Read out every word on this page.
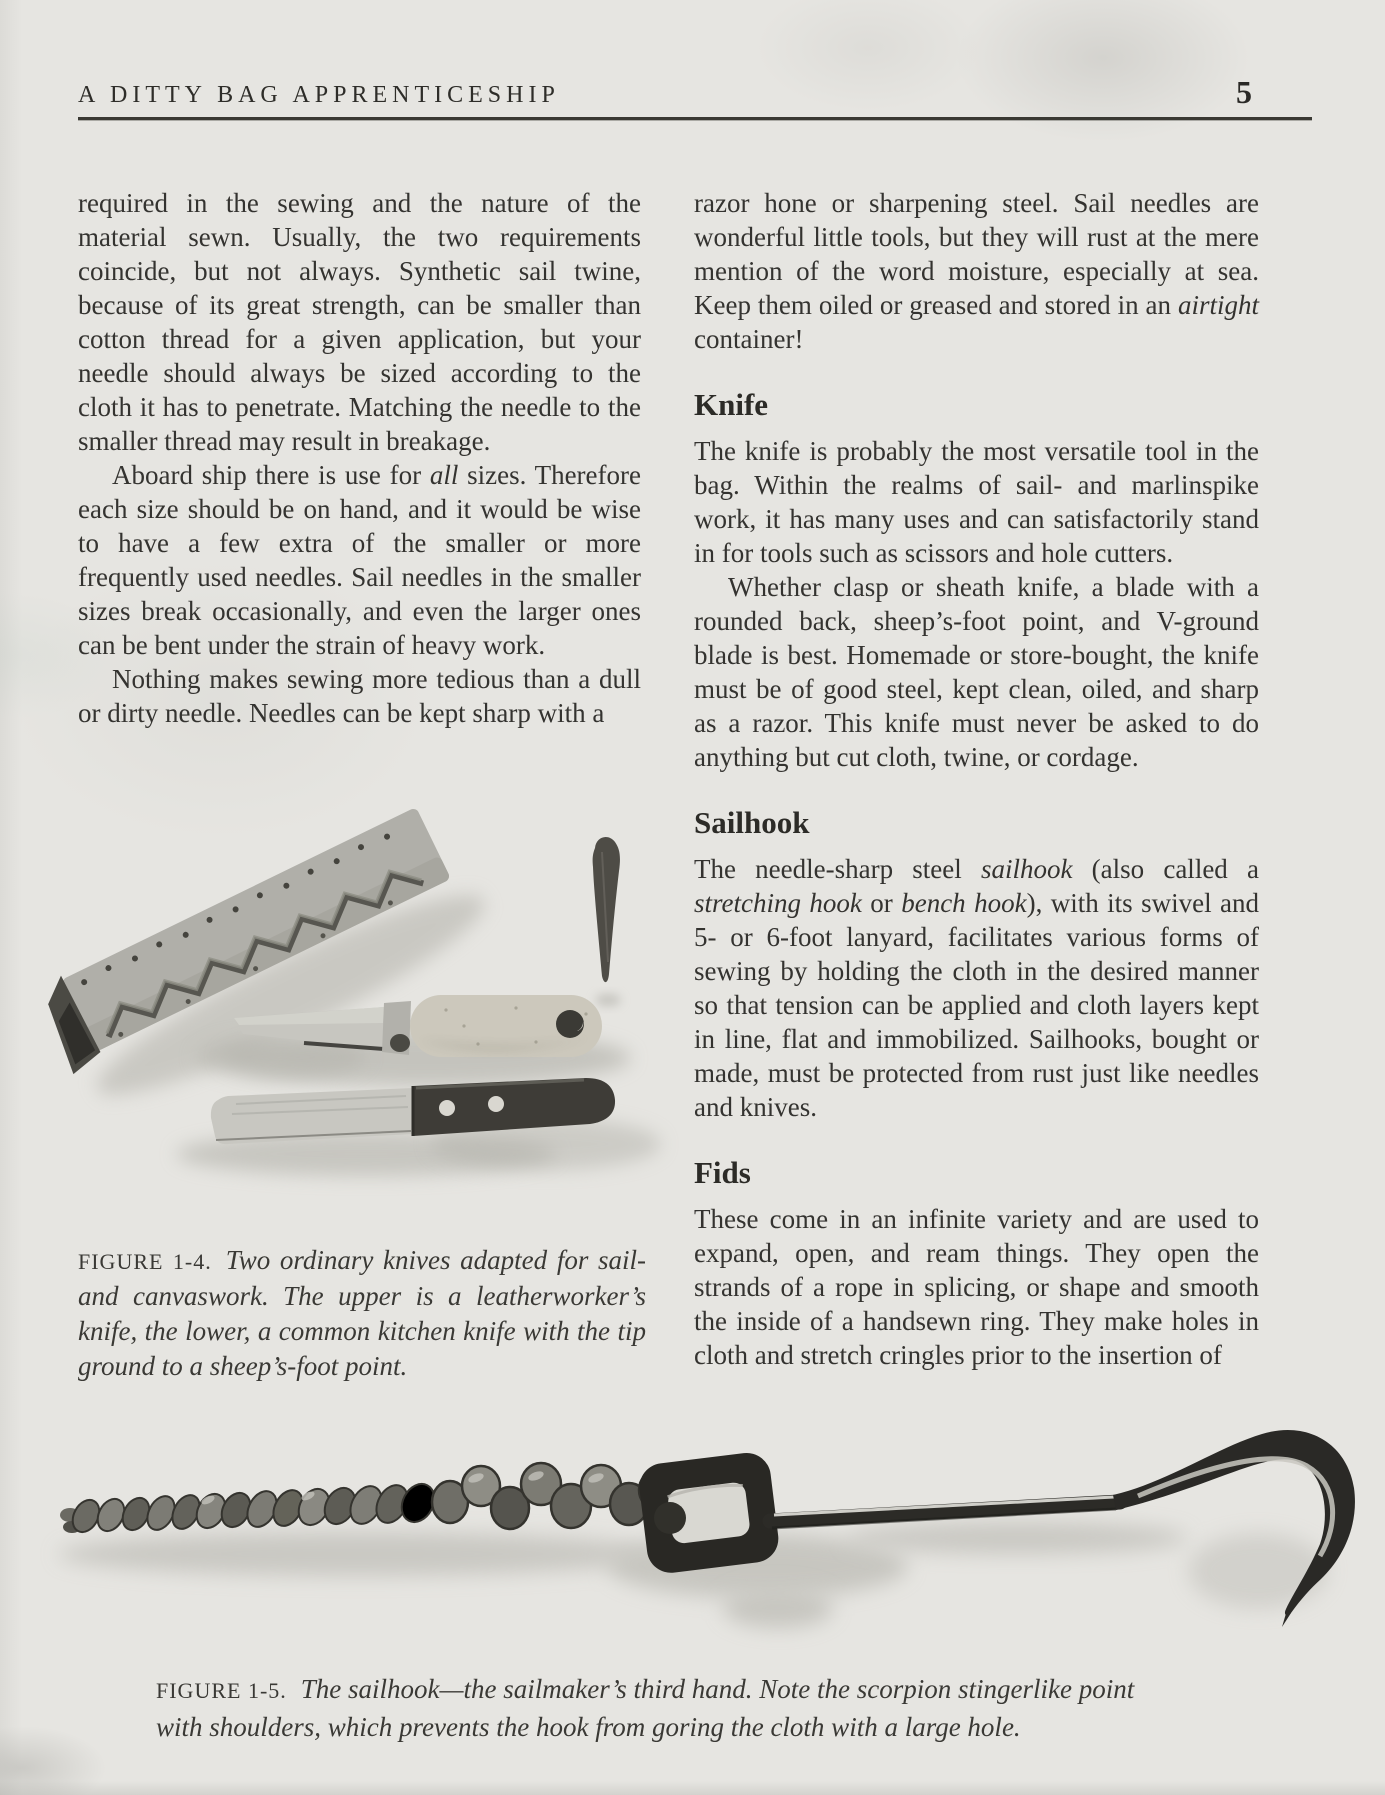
A DITTY BAG APPRENTICESHIP	5

required in the sewing and the nature of the material sewn. Usually, the two requirements coincide, but not always. Synthetic sail twine, because of its great strength, can be smaller than cotton thread for a given application, but your needle should always be sized according to the cloth it has to penetrate. Matching the needle to the smaller thread may result in breakage.

Aboard ship there is use for all sizes. Therefore each size should be on hand, and it would be wise to have a few extra of the smaller or more frequently used needles. Sail needles in the smaller sizes break occasionally, and even the larger ones can be bent under the strain of heavy work.

Nothing makes sewing more tedious than a dull or dirty needle. Needles can be kept sharp with a

razor hone or sharpening steel. Sail needles are wonderful little tools, but they will rust at the mere mention of the word moisture, especially at sea. Keep them oiled or greased and stored in an airtight container!

Knife

The knife is probably the most versatile tool in the bag. Within the realms of sail- and marlinspike work, it has many uses and can satisfactorily stand in for tools such as scissors and hole cutters.

Whether clasp or sheath knife, a blade with a rounded back, sheep’s-foot point, and V-ground blade is best. Homemade or store-bought, the knife must be of good steel, kept clean, oiled, and sharp as a razor. This knife must never be asked to do anything but cut cloth, twine, or cordage.

Sailhook

The needle-sharp steel sailhook (also called a stretching hook or bench hook), with its swivel and 5- or 6-foot lanyard, facilitates various forms of sewing by holding the cloth in the desired manner so that tension can be applied and cloth layers kept in line, flat and immobilized. Sailhooks, bought or made, must be protected from rust just like needles and knives.

Fids

These come in an infinite variety and are used to expand, open, and ream things. They open the strands of a rope in splicing, or shape and smooth the inside of a handsewn ring. They make holes in cloth and stretch cringles prior to the insertion of

FIGURE 1-4. Two ordinary knives adapted for sail- and canvaswork. The upper is a leatherworker’s knife, the lower, a common kitchen knife with the tip ground to a sheep’s-foot point.

FIGURE 1-5. The sailhook—the sailmaker’s third hand. Note the scorpion stingerlike point with shoulders, which prevents the hook from goring the cloth with a large hole.
